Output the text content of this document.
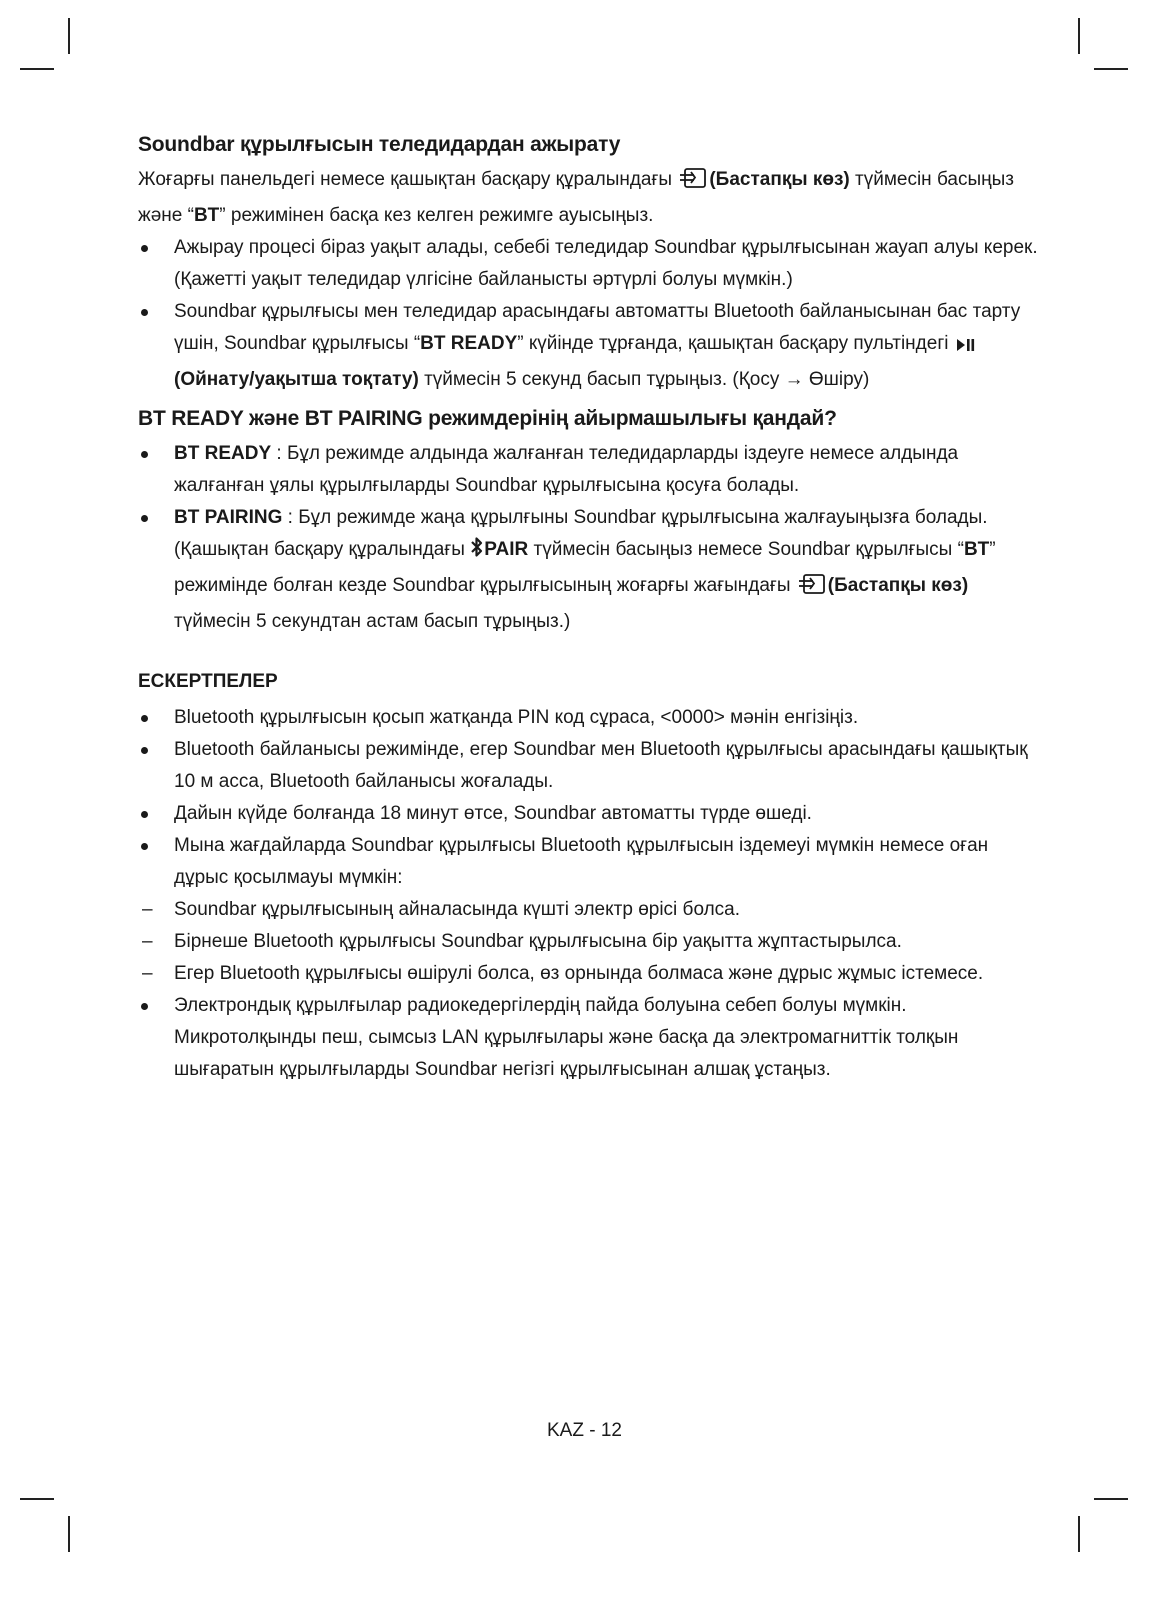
Soundbar құрылғысын теледидардан ажырату

Жоғарғы панельдегі немесе қашықтан басқару құралындағы (Бастапқы көз) түймесін басыңыз және “BT” режимінен басқа кез келген режимге ауысыңыз.

Ажырау процесі біраз уақыт алады, себебі теледидар Soundbar құрылғысынан жауап алуы керек. (Қажетті уақыт теледидар үлгісіне байланысты әртүрлі болуы мүмкін.)
Soundbar құрылғысы мен теледидар арасындағы автоматты Bluetooth байланысынан бас тарту үшін, Soundbar құрылғысы “BT READY” күйінде тұрғанда, қашықтан басқару пультіндегі (Ойнату/уақытша тоқтату) түймесін 5 секунд басып тұрыңыз. (Қосу → Өшіру)
BT READY және BT PAIRING режимдерінің айырмашылығы қандай?
BT READY : Бұл режимде алдында жалғанған теледидарларды іздеуге немесе алдында жалғанған ұялы құрылғыларды Soundbar құрылғысына қосуға болады.
BT PAIRING : Бұл режимде жаңа құрылғыны Soundbar құрылғысына жалғауыңызға болады. (Қашықтан басқару құралындағы PAIR түймесін басыңыз немесе Soundbar құрылғысы “BT” режимінде болған кезде Soundbar құрылғысының жоғарғы жағындағы (Бастапқы көз) түймесін 5 секундтан астам басып тұрыңыз.)
ЕСКЕРТПЕЛЕР
Bluetooth құрылғысын қосып жатқанда PIN код сұраса, <0000> мәнін енгізіңіз.
Bluetooth байланысы режимінде, егер Soundbar мен Bluetooth құрылғысы арасындағы қашықтық 10 м асса, Bluetooth байланысы жоғалады.
Дайын күйде болғанда 18 минут өтсе, Soundbar автоматты түрде өшеді.
Мына жағдайларда Soundbar құрылғысы Bluetooth құрылғысын іздемеуі мүмкін немесе оған дұрыс қосылмауы мүмкін:
– Soundbar құрылғысының айналасында күшті электр өрісі болса.
– Бірнеше Bluetooth құрылғысы Soundbar құрылғысына бір уақытта жұптастырылса.
– Егер Bluetooth құрылғысы өшірулі болса, өз орнында болмаса және дұрыс жұмыс істемесе.
Электрондық құрылғылар радиокедергілердің пайда болуына себеп болуы мүмкін. Микротолқынды пеш, сымсыз LAN құрылғылары және басқа да электромагниттік толқын шығаратын құрылғыларды Soundbar негізгі құрылғысынан алшақ ұстаңыз.
KAZ - 12
